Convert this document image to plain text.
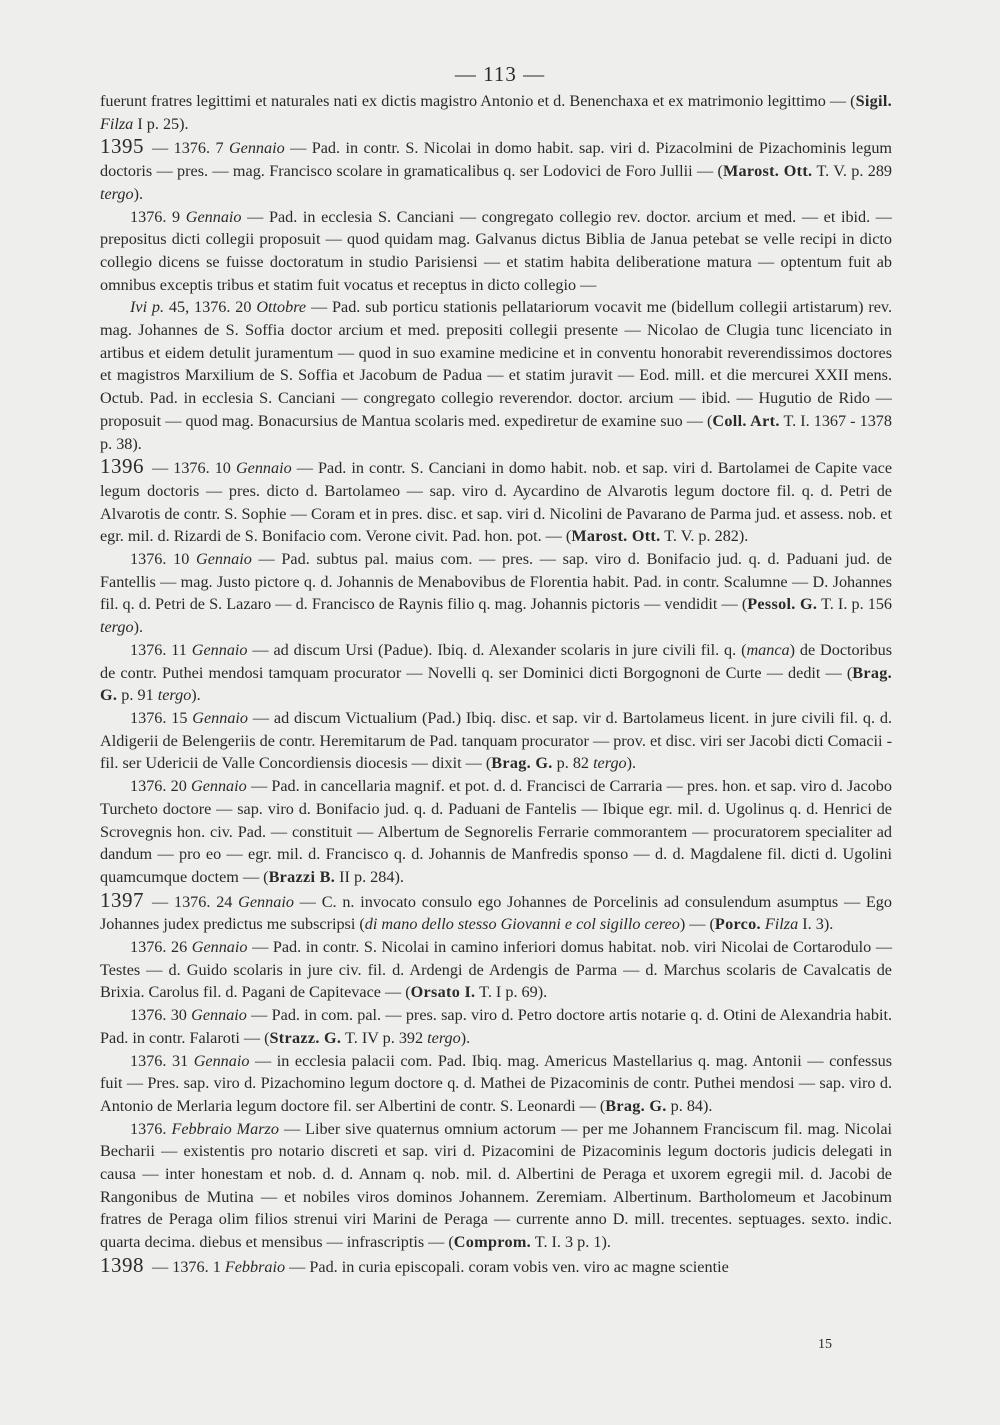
— 113 —

fuerunt fratres legittimi et naturales nati ex dictis magistro Antonio et d. Benenchaxa et ex matrimonio legittimo — (Sigil. Filza I p. 25).

1395 — 1376. 7 Gennaio — Pad. in contr. S. Nicolai in domo habit. sap. viri d. Pizacolmini de Pizachominis legum doctoris — pres. — mag. Francisco scolare in gramaticalibus q. ser Lodovici de Foro Jullii — (Marost. Ott. T. V. p. 289 tergo).

1376. 9 Gennaio — Pad. in ecclesia S. Canciani — congregato collegio rev. doctor. arcium et med. — et ibid. — prepositus dicti collegii proposuit — quod quidam mag. Galvanus dictus Biblia de Janua petebat se velle recipi in dicto collegio dicens se fuisse doctoratum in studio Parisiensi — et statim habita deliberatione matura — optentum fuit ab omnibus exceptis tribus et statim fuit vocatus et receptus in dicto collegio —

Ivi p. 45, 1376. 20 Ottobre — Pad. sub porticu stationis pellatariorum vocavit me (bidellum collegii artistarum) rev. mag. Johannes de S. Soffia doctor arcium et med. prepositi collegii presente — Nicolao de Clugia tunc licenciato in artibus et eidem detulit juramentum — quod in suo examine medicine et in conventu honorabit reverendissimos doctores et magistros Marxilium de S. Soffia et Jacobum de Padua — et statim juravit — Eod. mill. et die mercurei XXII mens. Octub. Pad. in ecclesia S. Canciani — congregato collegio reverendor. doctor. arcium — ibid. — Hugutio de Rido — proposuit — quod mag. Bonacursius de Mantua scolaris med. expediretur de examine suo — (Coll. Art. T. I. 1367 - 1378 p. 38).

1396 — 1376. 10 Gennaio — Pad. in contr. S. Canciani in domo habit. nob. et sap. viri d. Bartolamei de Capite vace legum doctoris — pres. dicto d. Bartolameo — sap. viro d. Aycardino de Alvarotis legum doctore fil. q. d. Petri de Alvarotis de contr. S. Sophie — Coram et in pres. disc. et sap. viri d. Nicolini de Pavarano de Parma jud. et assess. nob. et egr. mil. d. Rizardi de S. Bonifacio com. Verone civit. Pad. hon. pot. — (Marost. Ott. T. V. p. 282).

1376. 10 Gennaio — Pad. subtus pal. maius com. — pres. — sap. viro d. Bonifacio jud. q. d. Paduani jud. de Fantellis — mag. Justo pictore q. d. Johannis de Menabovibus de Florentia habit. Pad. in contr. Scalumne — D. Johannes fil. q. d. Petri de S. Lazaro — d. Francisco de Raynis filio q. mag. Johannis pictoris — vendidit — (Pessol. G. T. I. p. 156 tergo).

1376. 11 Gennaio — ad discum Ursi (Padue). Ibiq. d. Alexander scolaris in jure civili fil. q. (manca) de Doctoribus de contr. Puthei mendosi tamquam procurator — Novelli q. ser Dominici dicti Borgognoni de Curte — dedit — (Brag. G. p. 91 tergo).

1376. 15 Gennaio — ad discum Victualium (Pad.) Ibiq. disc. et sap. vir d. Bartolameus licent. in jure civili fil. q. d. Aldigerii de Belengeriis de contr. Heremitarum de Pad. tanquam procurator — prov. et disc. viri ser Jacobi dicti Comacii - fil. ser Udericii de Valle Concordiensis diocesis — dixit — (Brag. G. p. 82 tergo).

1376. 20 Gennaio — Pad. in cancellaria magnif. et pot. d. d. Francisci de Carraria — pres. hon. et sap. viro d. Jacobo Turcheto doctore — sap. viro d. Bonifacio jud. q. d. Paduani de Fantelis — Ibique egr. mil. d. Ugolinus q. d. Henrici de Scrovegnis hon. civ. Pad. — constituit — Albertum de Segnorelis Ferrarie commorantem — procuratorem specialiter ad dandum — pro eo — egr. mil. d. Francisco q. d. Johannis de Manfredis sponso — d. d. Magdalene fil. dicti d. Ugolini quamcumque doctem — (Brazzi B. II p. 284).

1397 — 1376. 24 Gennaio — C. n. invocato consulo ego Johannes de Porcelinis ad consulendum asumptus — Ego Johannes judex predictus me subscripsi (di mano dello stesso Giovanni e col sigillo cereo) — (Porco. Filza I. 3).

1376. 26 Gennaio — Pad. in contr. S. Nicolai in camino inferiori domus habitat. nob. viri Nicolai de Cortarodulo — Testes — d. Guido scolaris in jure civ. fil. d. Ardengi de Ardengis de Parma — d. Marchus scolaris de Cavalcatis de Brixia. Carolus fil. d. Pagani de Capitevace — (Orsato I. T. I p. 69).

1376. 30 Gennaio — Pad. in com. pal. — pres. sap. viro d. Petro doctore artis notarie q. d. Otini de Alexandria habit. Pad. in contr. Falaroti — (Strazz. G. T. IV p. 392 tergo).

1376. 31 Gennaio — in ecclesia palacii com. Pad. Ibiq. mag. Americus Mastellarius q. mag. Antonii — confessus fuit — Pres. sap. viro d. Pizachomino legum doctore q. d. Mathei de Pizacominis de contr. Puthei mendosi — sap. viro d. Antonio de Merlaria legum doctore fil. ser Albertini de contr. S. Leonardi — (Brag. G. p. 84).

1376. Febbraio Marzo — Liber sive quaternus omnium actorum — per me Johannem Franciscum fil. mag. Nicolai Becharii — existentis pro notario discreti et sap. viri d. Pizacomini de Pizacominis legum doctoris judicis delegati in causa — inter honestam et nob. d. d. Annam q. nob. mil. d. Albertini de Peraga et uxorem egregii mil. d. Jacobi de Rangonibus de Mutina — et nobiles viros dominos Johannem. Zeremiam. Albertinum. Bartholomeum et Jacobinum fratres de Peraga olim filios strenui viri Marini de Peraga — currente anno D. mill. trecentes. septuages. sexto. indic. quarta decima. diebus et mensibus — infrascriptis — (Comprom. T. I. 3 p. 1).

1398 — 1376. 1 Febbraio — Pad. in curia episcopali. coram vobis ven. viro ac magne scientie

15
